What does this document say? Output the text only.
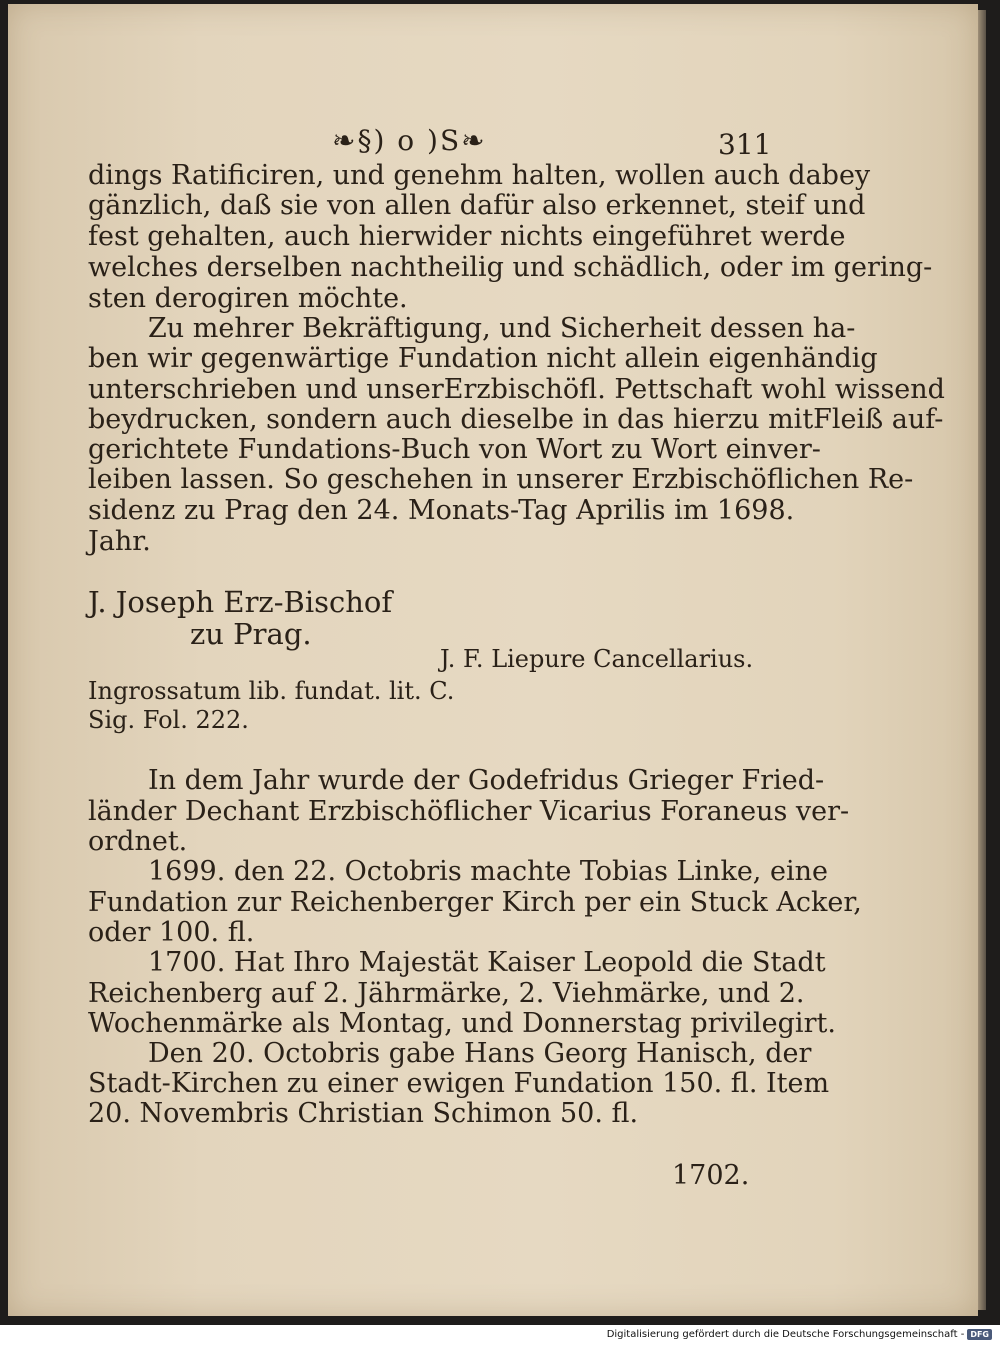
❧§) o )S❧	311
dings Ratificiren, und genehm halten, wollen auch dabey
gänzlich, daß sie von allen dafür also erkennet, steif und
fest gehalten, auch hierwider nichts eingeführet werde
welches derselben nachtheilig und schädlich, oder im gering-
sten derogiren möchte.
Zu mehrer Bekräftigung, und Sicherheit dessen ha-
ben wir gegenwärtige Fundation nicht allein eigenhändig
unterschrieben und unserErzbischöfl. Pettschaft wohl wissend
beydrucken, sondern auch dieselbe in das hierzu mitFleiß auf-
gerichtete Fundations-Buch von Wort zu Wort einver-
leiben lassen. So geschehen in unserer Erzbischöflichen Re-
sidenz zu Prag den 24. Monats-Tag Aprilis im 1698.
Jahr.
J. Joseph Erz-Bischof
zu Prag.
J. F. Liepure Cancellarius.
Ingrossatum lib. fundat. lit. C.
Sig. Fol. 222.
In dem Jahr wurde der Godefridus Grieger Fried-
länder Dechant Erzbischöflicher Vicarius Foraneus ver-
ordnet.
1699. den 22. Octobris machte Tobias Linke, eine
Fundation zur Reichenberger Kirch per ein Stuck Acker,
oder 100. fl.
1700. Hat Ihro Majestät Kaiser Leopold die Stadt
Reichenberg auf 2. Jährmärke, 2. Viehmärke, und 2.
Wochenmärke als Montag, und Donnerstag privilegirt.
Den 20. Octobris gabe Hans Georg Hanisch, der
Stadt-Kirchen zu einer ewigen Fundation 150. fl. Item
20. Novembris Christian Schimon 50. fl.
1702.
Digitalisierung gefördert durch die Deutsche Forschungsgemeinschaft - DFG
